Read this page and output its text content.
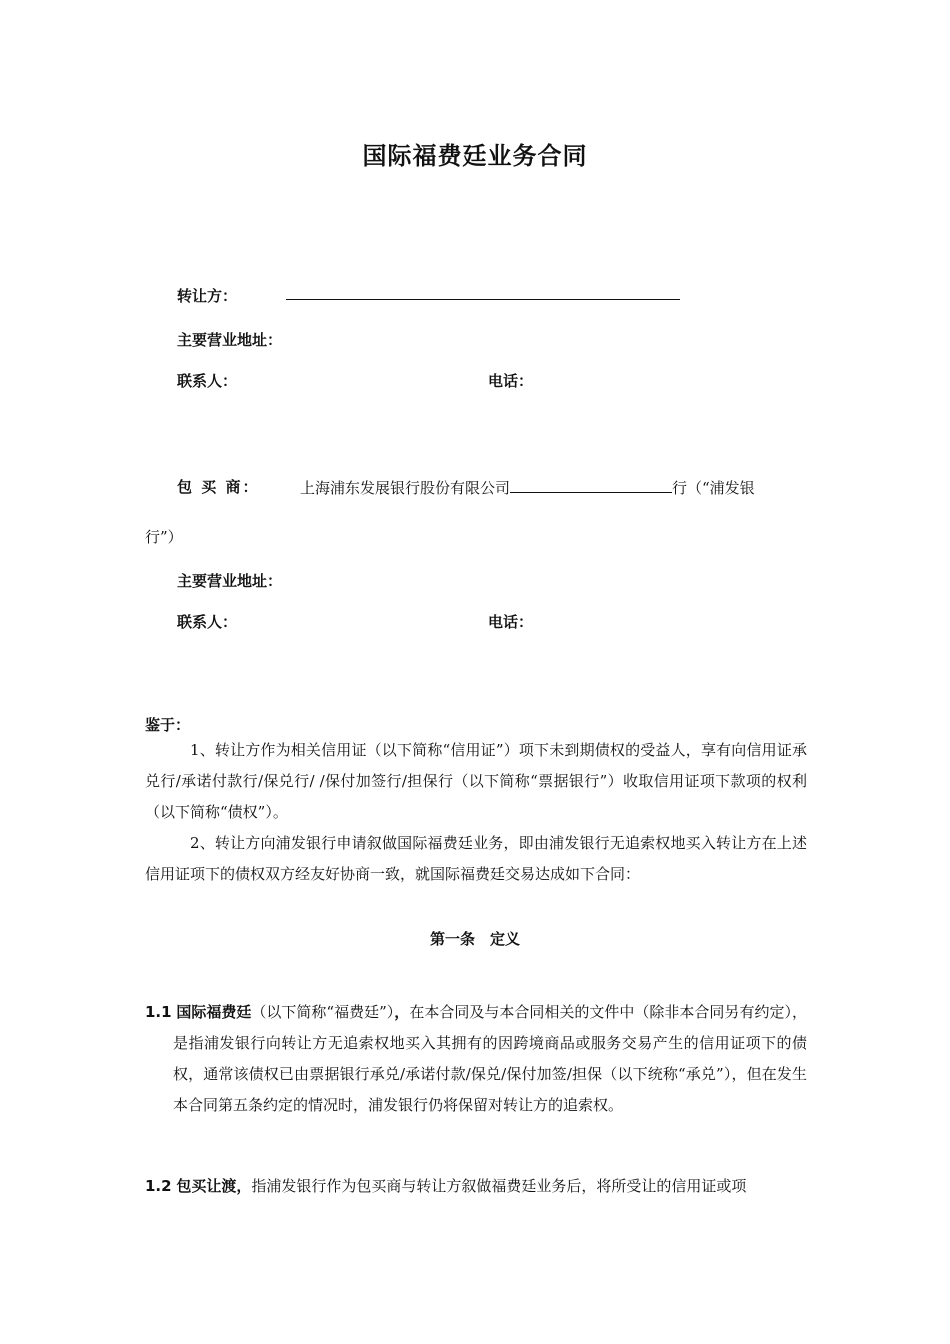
国际福费廷业务合同
转让方：
主要营业地址：
联系人：	电话：
包 买 商：	上海浦东发展银行股份有限公司	行（“浦发银
行”）
主要营业地址：
联系人：	电话：
鉴于：
1、转让方作为相关信用证（以下简称“信用证”）项下未到期债权的受益人，享有向信用证承兑行/承诺付款行/保兑行/ /保付加签行/担保行（以下简称“票据银行”）收取信用证项下款项的权利（以下简称“债权”）。
2、转让方向浦发银行申请叙做国际福费廷业务，即由浦发银行无追索权地买入转让方在上述信用证项下的债权双方经友好协商一致，就国际福费廷交易达成如下合同：
第一条　定义
1.1 国际福费廷（以下简称“福费廷”），在本合同及与本合同相关的文件中（除非本合同另有约定），是指浦发银行向转让方无追索权地买入其拥有的因跨境商品或服务交易产生的信用证项下的债权，通常该债权已由票据银行承兑/承诺付款/保兑/保付加签/担保（以下统称“承兑”），但在发生本合同第五条约定的情况时，浦发银行仍将保留对转让方的追索权。
1.2 包买让渡，指浦发银行作为包买商与转让方叙做福费廷业务后，将所受让的信用证或项
